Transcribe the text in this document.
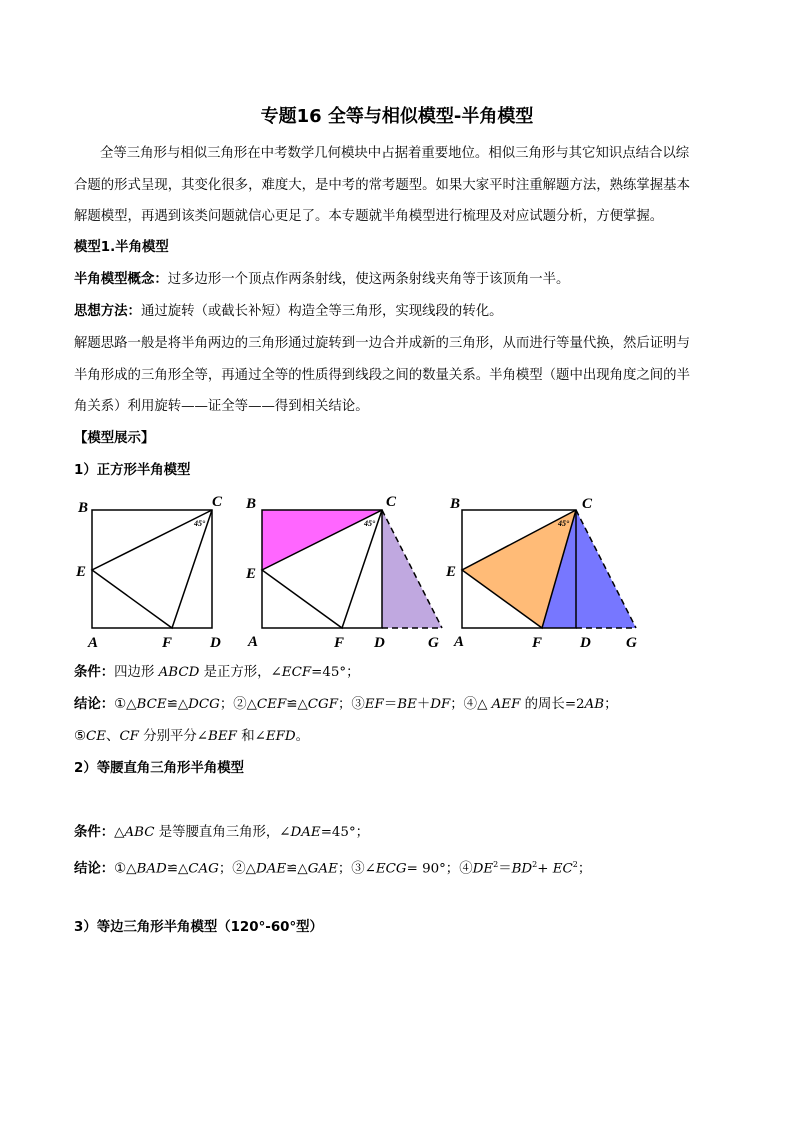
专题16 全等与相似模型-半角模型
全等三角形与相似三角形在中考数学几何模块中占据着重要地位。相似三角形与其它知识点结合以综
合题的形式呈现，其变化很多，难度大，是中考的常考题型。如果大家平时注重解题方法，熟练掌握基本
解题模型，再遇到该类问题就信心更足了。本专题就半角模型进行梳理及对应试题分析，方便掌握。
模型1.半角模型
半角模型概念：过多边形一个顶点作两条射线，使这两条射线夹角等于该顶角一半。
思想方法：通过旋转（或截长补短）构造全等三角形，实现线段的转化。
解题思路一般是将半角两边的三角形通过旋转到一边合并成新的三角形，从而进行等量代换，然后证明与
半角形成的三角形全等，再通过全等的性质得到线段之间的数量关系。半角模型（题中出现角度之间的半
角关系）利用旋转——证全等——得到相关结论。
【模型展示】
1）正方形半角模型
B	C
E
A	F	D
45°
B	C
E
A	F D	G
45°
B	C
E
A	F	D G
45°
条件：四边形 ABCD 是正方形，∠ECF=45°；
结论：①△BCE≌△DCG；②△CEF≌△CGF；③EF＝BE＋DF；④△ AEF 的周长=2AB；
⑤CE、CF 分别平分∠BEF 和∠EFD。
2）等腰直角三角形半角模型
条件：△ABC 是等腰直角三角形，∠DAE=45°；
结论：①△BAD≌△CAG；②△DAE≌△GAE；③∠ECG= 90°；$④DE^2=BD^2+ EC^2$；
3）等边三角形半角模型（120°-60°型）
